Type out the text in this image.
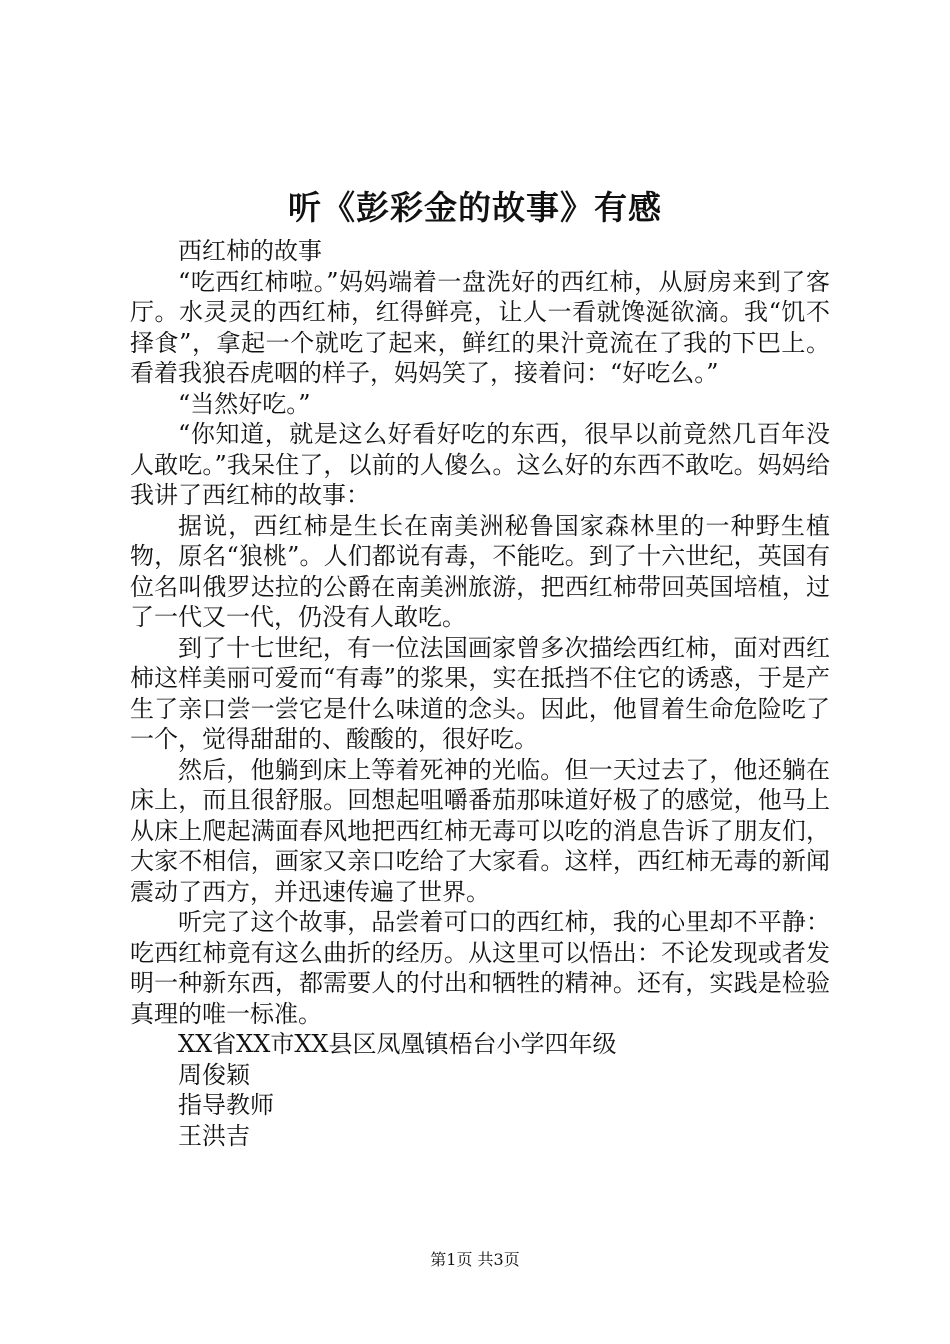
听《彭彩金的故事》有感

西红柿的故事

“吃西红柿啦。”妈妈端着一盘洗好的西红柿，从厨房来到了客厅。水灵灵的西红柿，红得鲜亮，让人一看就馋涎欲滴。我“饥不择食”，拿起一个就吃了起来，鲜红的果汁竟流在了我的下巴上。看着我狼吞虎咽的样子，妈妈笑了，接着问：“好吃么。”

“当然好吃。”

“你知道，就是这么好看好吃的东西，很早以前竟然几百年没人敢吃。”我呆住了，以前的人傻么。这么好的东西不敢吃。妈妈给我讲了西红柿的故事：

据说，西红柿是生长在南美洲秘鲁国家森林里的一种野生植物，原名“狼桃”。人们都说有毒，不能吃。到了十六世纪，英国有位名叫俄罗达拉的公爵在南美洲旅游，把西红柿带回英国培植，过了一代又一代，仍没有人敢吃。

到了十七世纪，有一位法国画家曾多次描绘西红柿，面对西红柿这样美丽可爱而“有毒”的浆果，实在抵挡不住它的诱惑，于是产生了亲口尝一尝它是什么味道的念头。因此，他冒着生命危险吃了一个，觉得甜甜的、酸酸的，很好吃。

然后，他躺到床上等着死神的光临。但一天过去了，他还躺在床上，而且很舒服。回想起咀嚼番茄那味道好极了的感觉，他马上从床上爬起满面春风地把西红柿无毒可以吃的消息告诉了朋友们，大家不相信，画家又亲口吃给了大家看。这样，西红柿无毒的新闻震动了西方，并迅速传遍了世界。

听完了这个故事，品尝着可口的西红柿，我的心里却不平静：吃西红柿竟有这么曲折的经历。从这里可以悟出：不论发现或者发明一种新东西，都需要人的付出和牺牲的精神。还有，实践是检验真理的唯一标准。

XX省XX市XX县区凤凰镇梧台小学四年级

周俊颖

指导教师

王洪吉

第1页 共3页
